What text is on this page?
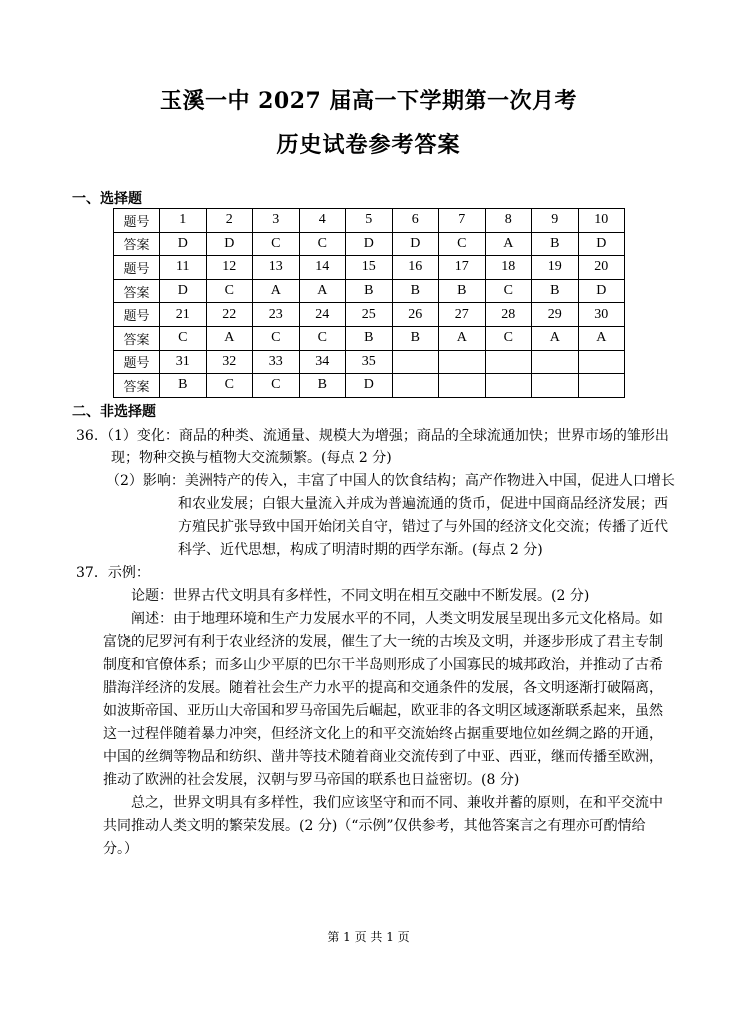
玉溪一中 2027 届高一下学期第一次月考
历史试卷参考答案
一、选择题
题号	1	2	3	4	5	6	7	8	9	10
答案	D	D	C	C	D	D	C	A	B	D
题号	11	12	13	14	15	16	17	18	19	20
答案	D	C	A	A	B	B	B	C	B	D
题号	21	22	23	24	25	26	27	28	29	30
答案	C	A	C	C	B	B	A	C	A	A
题号	31	32	33	34	35					
答案	B	C	C	B	D					
二、非选择题
36. （1）变化：商品的种类、流通量、规模大为增强；商品的全球流通加快；世界市场的雏形出
现；物种交换与植物大交流频繁。(每点 2 分)
（2）影响：美洲特产的传入，丰富了中国人的饮食结构；高产作物进入中国，促进人口增长
和农业发展；白银大量流入并成为普遍流通的货币，促进中国商品经济发展；西
方殖民扩张导致中国开始闭关自守，错过了与外国的经济文化交流；传播了近代
科学、近代思想，构成了明清时期的西学东渐。(每点 2 分)
37．示例：
论题：世界古代文明具有多样性，不同文明在相互交融中不断发展。(2 分)
阐述：由于地理环境和生产力发展水平的不同，人类文明发展呈现出多元文化格局。如
富饶的尼罗河有利于农业经济的发展，催生了大一统的古埃及文明，并逐步形成了君主专制
制度和官僚体系；而多山少平原的巴尔干半岛则形成了小国寡民的城邦政治，并推动了古希
腊海洋经济的发展。随着社会生产力水平的提高和交通条件的发展，各文明逐渐打破隔离，
如波斯帝国、亚历山大帝国和罗马帝国先后崛起，欧亚非的各文明区域逐渐联系起来，虽然
这一过程伴随着暴力冲突，但经济文化上的和平交流始终占据重要地位如丝绸之路的开通，
中国的丝绸等物品和纺织、凿井等技术随着商业交流传到了中亚、西亚，继而传播至欧洲，
推动了欧洲的社会发展，汉朝与罗马帝国的联系也日益密切。(8 分)
总之，世界文明具有多样性，我们应该坚守和而不同、兼收并蓄的原则，在和平交流中
共同推动人类文明的繁荣发展。(2 分)（“示例”仅供参考，其他答案言之有理亦可酌情给
分。）
第 1 页 共 1 页
